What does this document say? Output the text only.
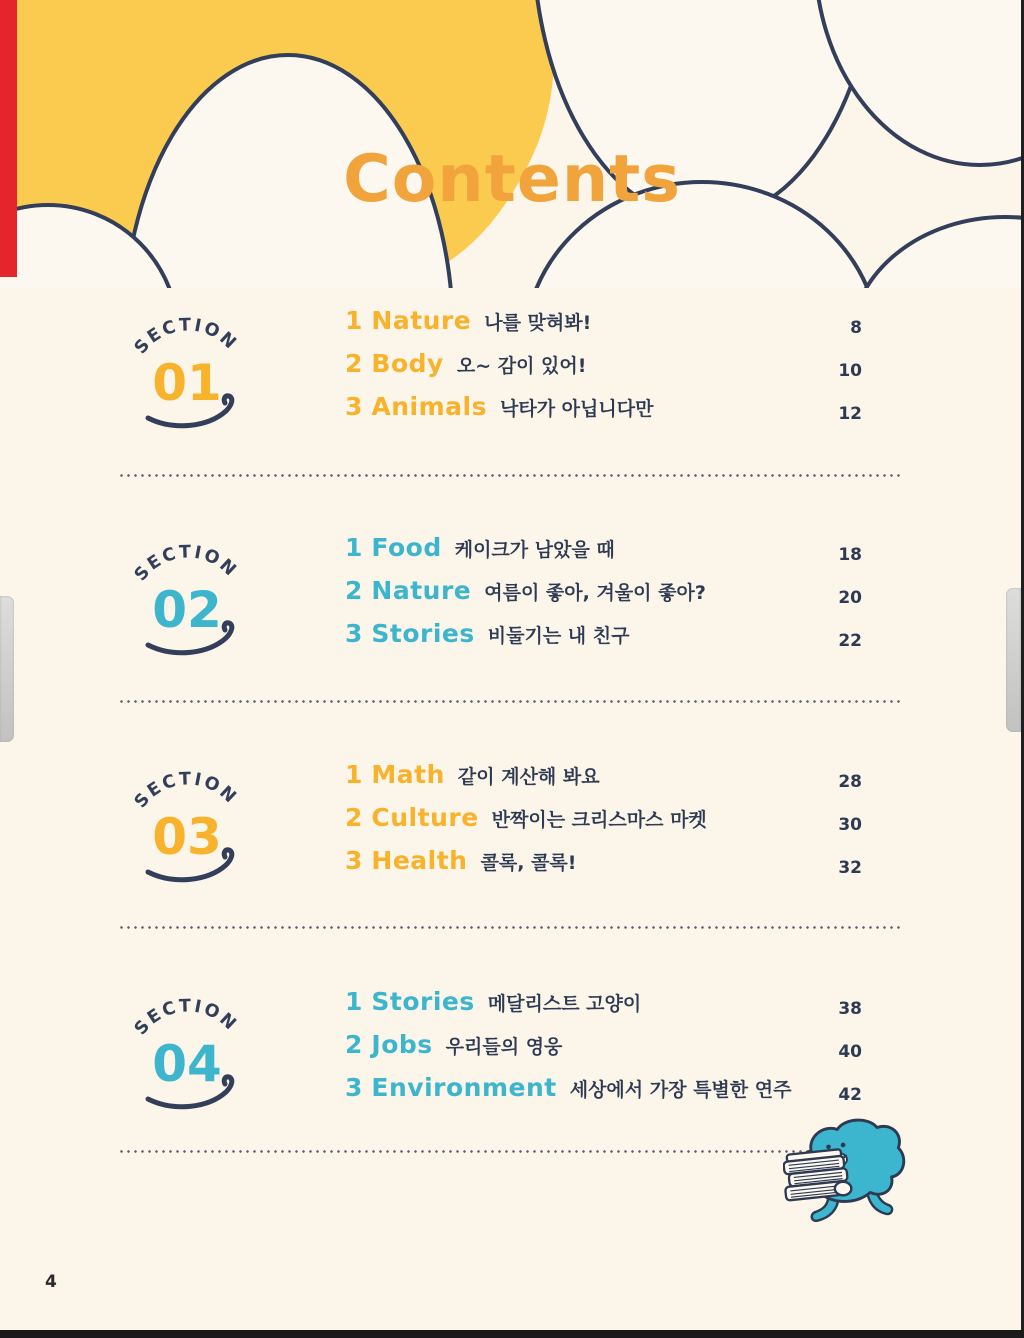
Contents
SECTION
01
1 Nature 나를 맞혀봐!	8
2 Body 오~ 감이 있어!	10
3 Animals 낙타가 아닙니다만	12
SECTION
02
1 Food 케이크가 남았을 때	18
2 Nature 여름이 좋아, 겨울이 좋아?	20
3 Stories 비둘기는 내 친구	22
SECTION
03
1 Math 같이 계산해 봐요	28
2 Culture 반짝이는 크리스마스 마켓	30
3 Health 콜록, 콜록!	32
SECTION
04
1 Stories 메달리스트 고양이	38
2 Jobs 우리들의 영웅	40
3 Environment 세상에서 가장 특별한 연주	42
4
